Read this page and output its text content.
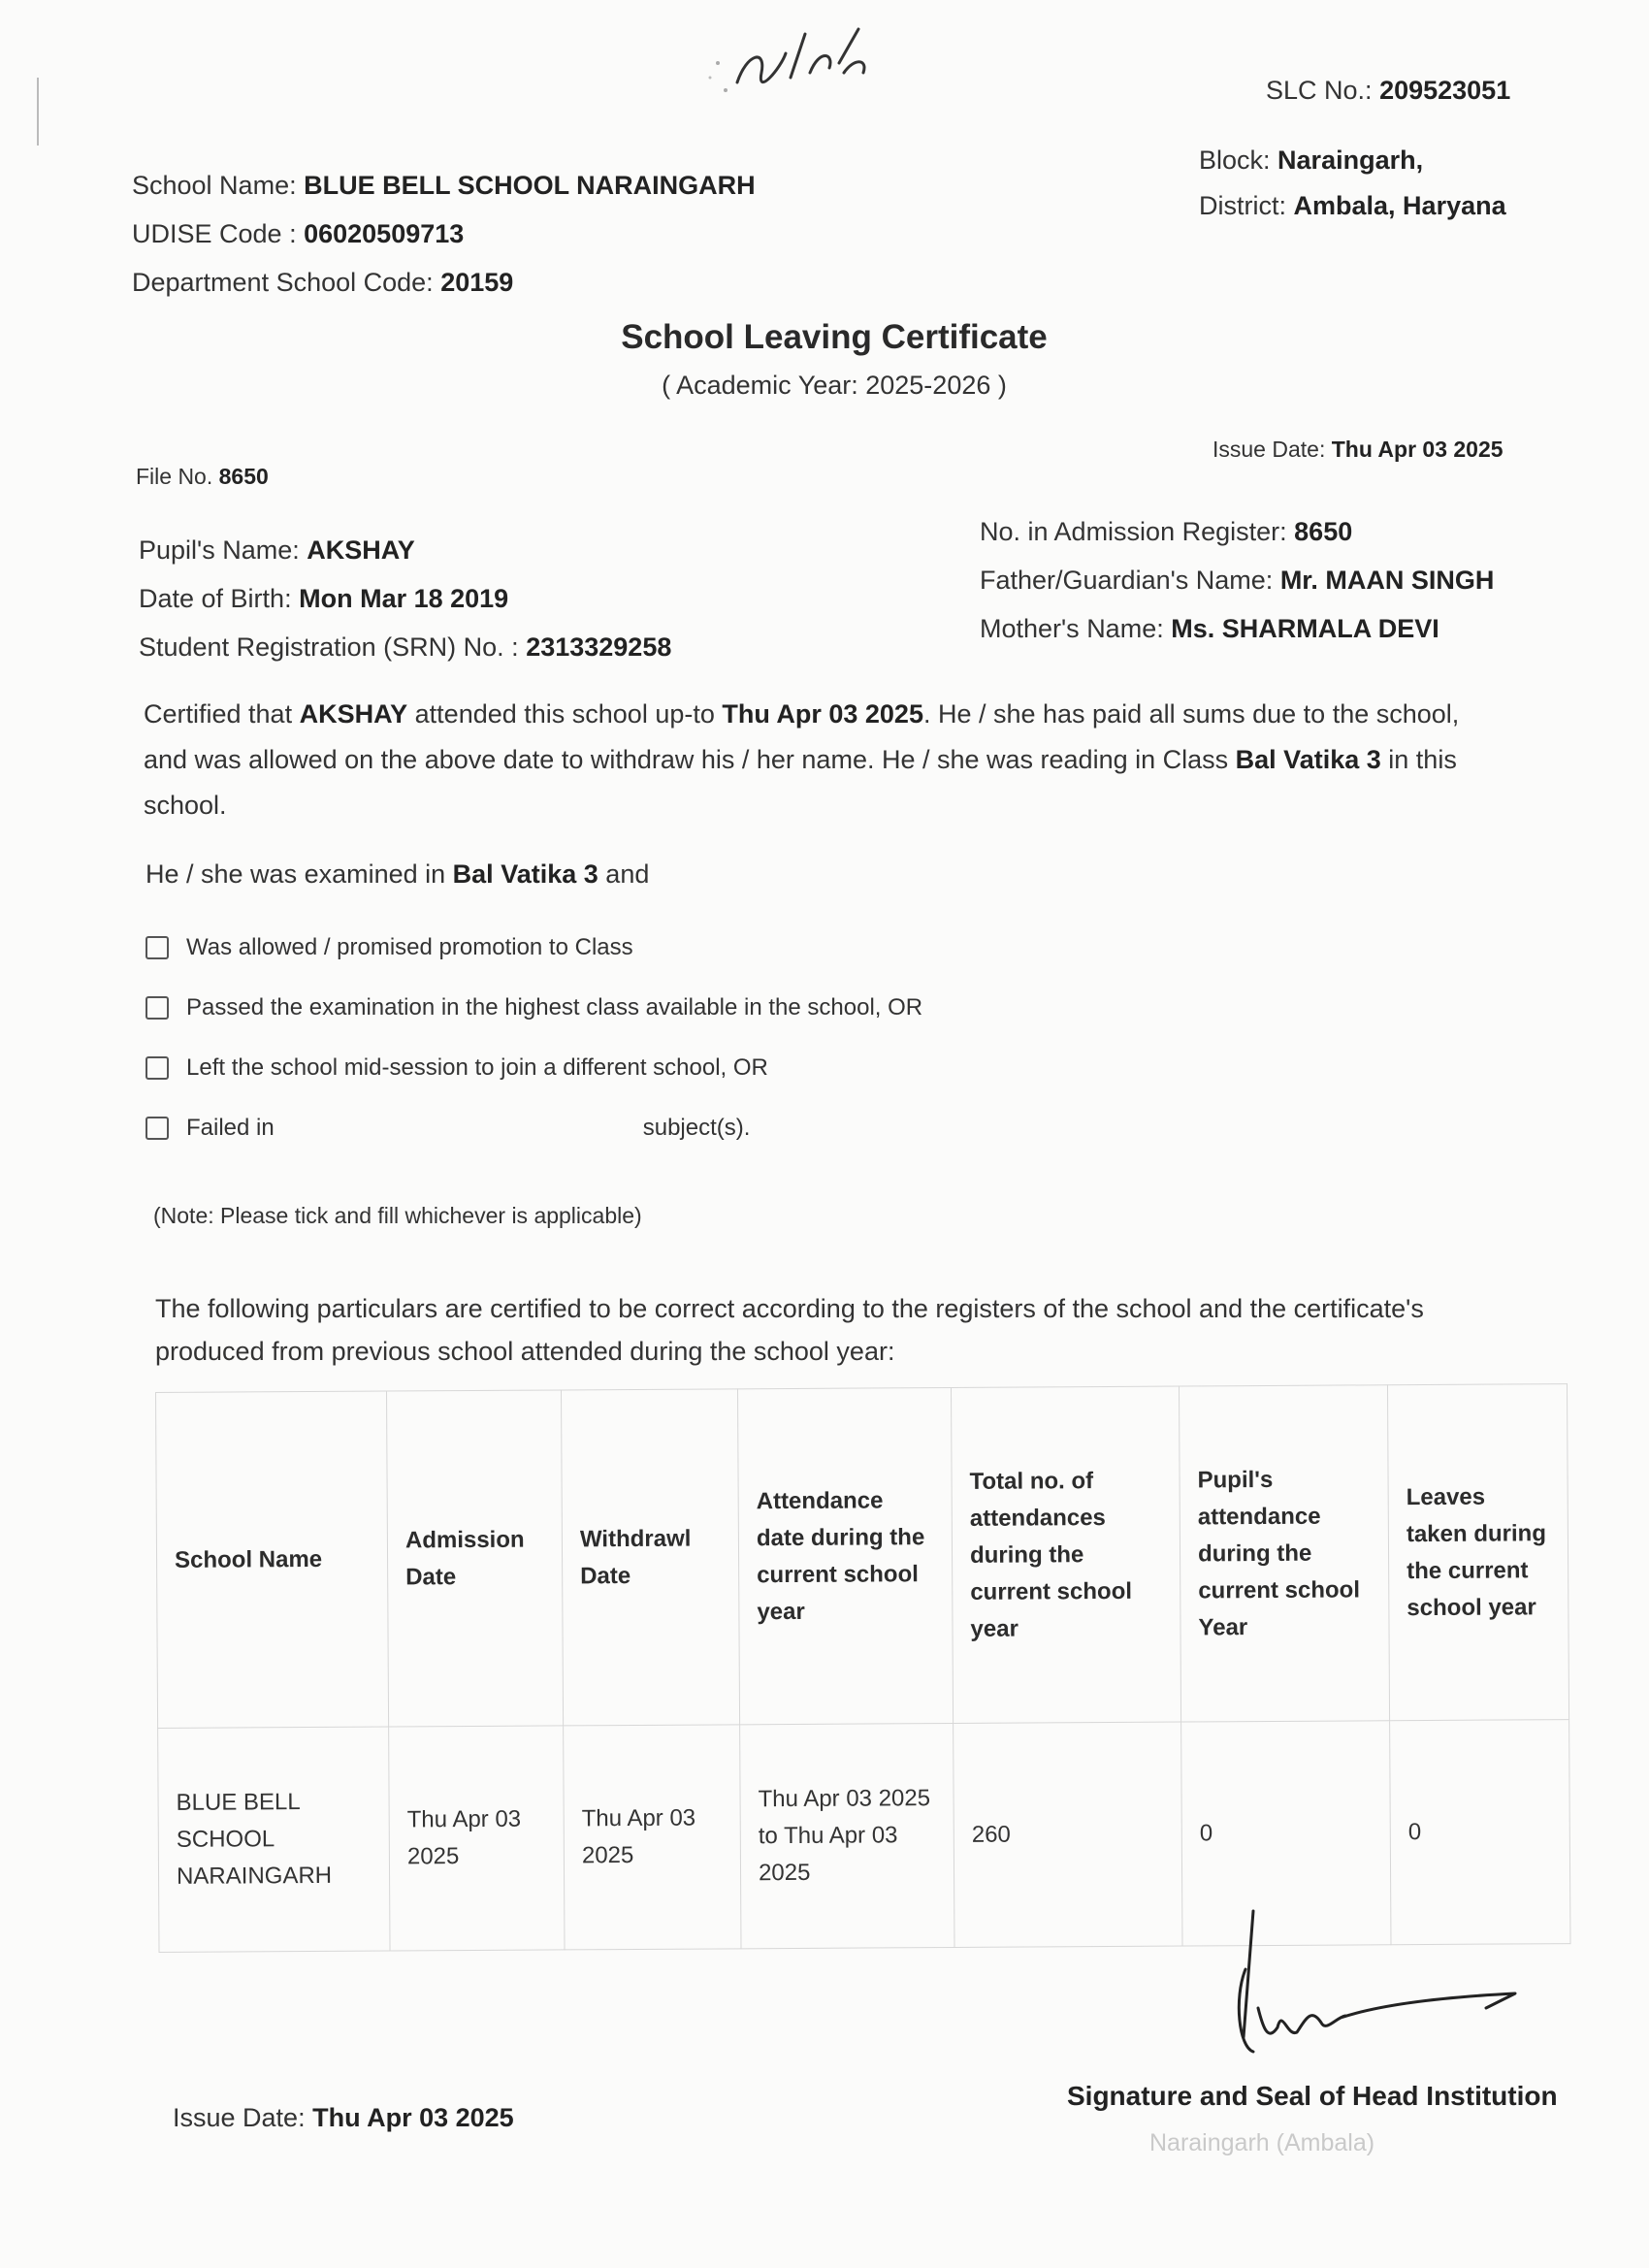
SLC No.: 209523051
Block: Naraingarh,
District: Ambala, Haryana
School Name: BLUE BELL SCHOOL NARAINGARH
UDISE Code : 06020509713
Department School Code: 20159
School Leaving Certificate
( Academic Year: 2025-2026 )
File No. 8650
Issue Date: Thu Apr 03 2025
Pupil's Name: AKSHAY
Date of Birth: Mon Mar 18 2019
Student Registration (SRN) No. : 2313329258
No. in Admission Register: 8650
Father/Guardian's Name: Mr. MAAN SINGH
Mother's Name: Ms. SHARMALA DEVI
Certified that AKSHAY attended this school up-to Thu Apr 03 2025. He / she has paid all sums due to the school, and was allowed on the above date to withdraw his / her name. He / she was reading in Class Bal Vatika 3 in this school.
He / she was examined in Bal Vatika 3 and
Was allowed / promised promotion to Class
Passed the examination in the highest class available in the school, OR
Left the school mid-session to join a different school, OR
Failed in	subject(s).
(Note: Please tick and fill whichever is applicable)
The following particulars are certified to be correct according to the registers of the school and the certificate's produced from previous school attended during the school year:
School Name	Admission Date	Withdrawl Date	Attendance date during the current school year	Total no. of attendances during the current school year	Pupil's attendance during the current school Year	Leaves taken during the current school year
BLUE BELL SCHOOL NARAINGARH	Thu Apr 03 2025	Thu Apr 03 2025	Thu Apr 03 2025 to Thu Apr 03 2025	260	0	0
Issue Date: Thu Apr 03 2025
Signature and Seal of Head Institution
Naraingarh (Ambala)
